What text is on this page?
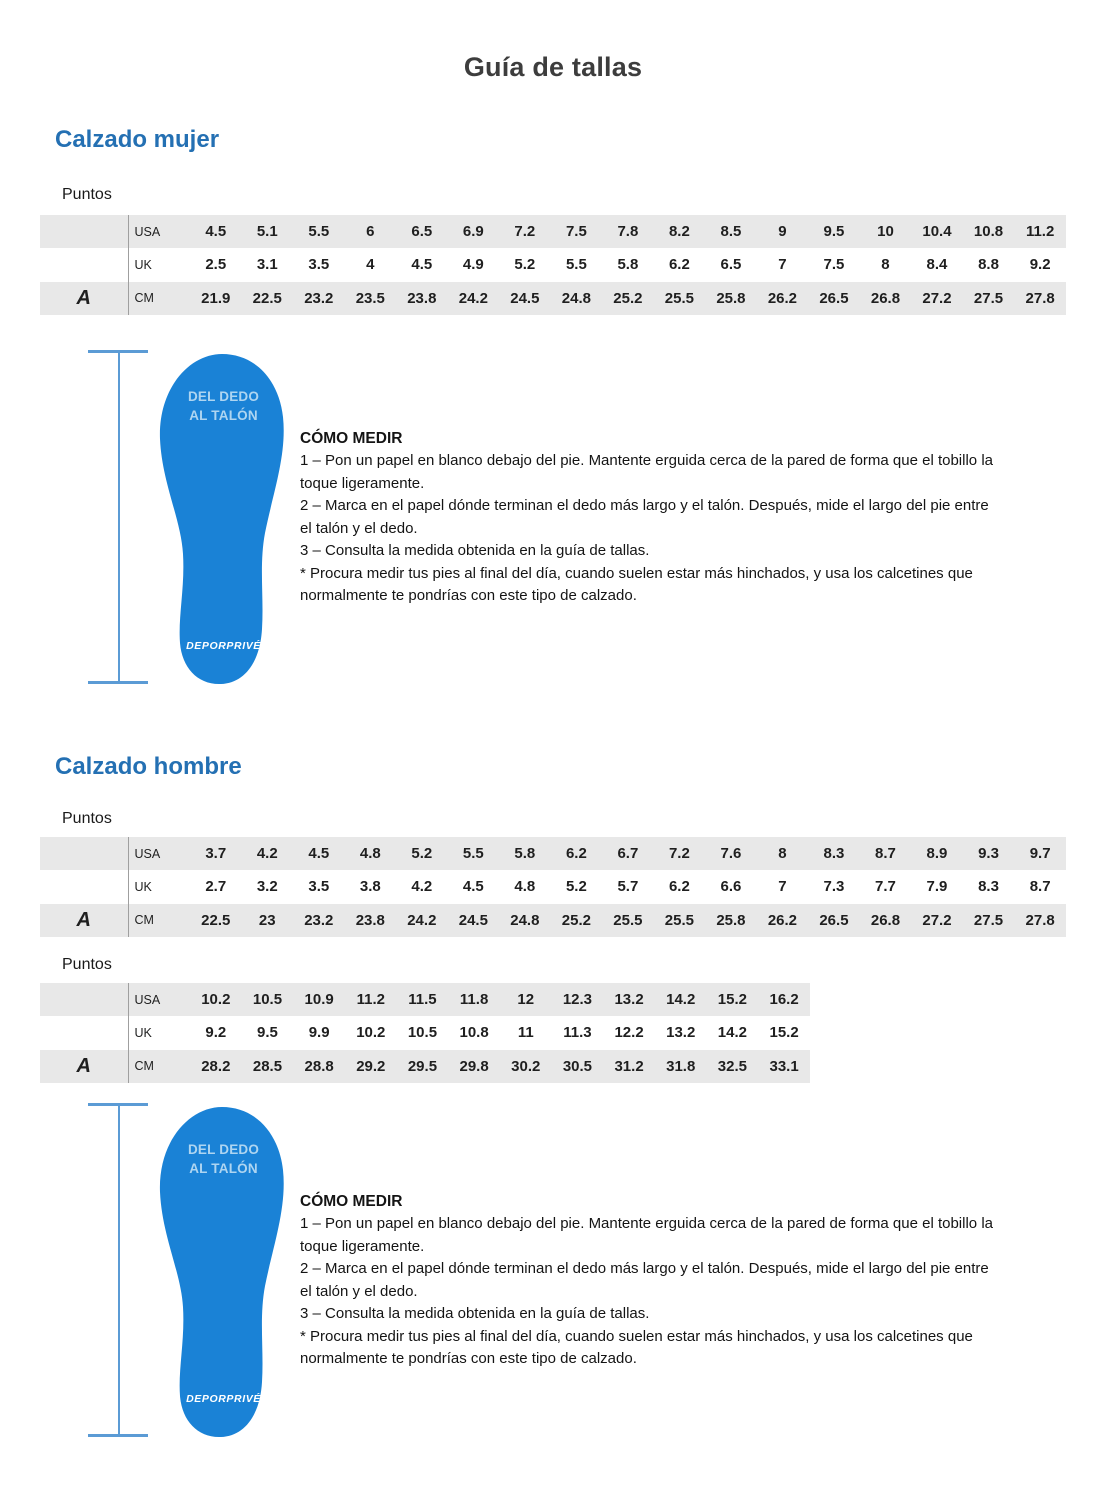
Guía de tallas
Calzado mujer
Puntos
	USA	4.5	5.1	5.5	6	6.5	6.9	7.2	7.5	7.8	8.2	8.5	9	9.5	10	10.4	10.8	11.2
	UK	2.5	3.1	3.5	4	4.5	4.9	5.2	5.5	5.8	6.2	6.5	7	7.5	8	8.4	8.8	9.2
A	CM	21.9	22.5	23.2	23.5	23.8	24.2	24.5	24.8	25.2	25.5	25.8	26.2	26.5	26.8	27.2	27.5	27.8
DEL DEDO
AL TALÓN
DEPORPRIVÉ
CÓMO MEDIR

1 – Pon un papel en blanco debajo del pie. Mantente erguida cerca de la pared de forma que el tobillo la toque ligeramente.

2 – Marca en el papel dónde terminan el dedo más largo y el talón. Después, mide el largo del pie entre el talón y el dedo.

3 – Consulta la medida obtenida en la guía de tallas.

* Procura medir tus pies al final del día, cuando suelen estar más hinchados, y usa los calcetines que normalmente te pondrías con este tipo de calzado.

Calzado hombre
Puntos
	USA	3.7	4.2	4.5	4.8	5.2	5.5	5.8	6.2	6.7	7.2	7.6	8	8.3	8.7	8.9	9.3	9.7
	UK	2.7	3.2	3.5	3.8	4.2	4.5	4.8	5.2	5.7	6.2	6.6	7	7.3	7.7	7.9	8.3	8.7
A	CM	22.5	23	23.2	23.8	24.2	24.5	24.8	25.2	25.5	25.5	25.8	26.2	26.5	26.8	27.2	27.5	27.8
Puntos
	USA	10.2	10.5	10.9	11.2	11.5	11.8	12	12.3	13.2	14.2	15.2	16.2
	UK	9.2	9.5	9.9	10.2	10.5	10.8	11	11.3	12.2	13.2	14.2	15.2
A	CM	28.2	28.5	28.8	29.2	29.5	29.8	30.2	30.5	31.2	31.8	32.5	33.1
DEL DEDO
AL TALÓN
DEPORPRIVÉ
CÓMO MEDIR

1 – Pon un papel en blanco debajo del pie. Mantente erguida cerca de la pared de forma que el tobillo la toque ligeramente.

2 – Marca en el papel dónde terminan el dedo más largo y el talón. Después, mide el largo del pie entre el talón y el dedo.

3 – Consulta la medida obtenida en la guía de tallas.

* Procura medir tus pies al final del día, cuando suelen estar más hinchados, y usa los calcetines que normalmente te pondrías con este tipo de calzado.
